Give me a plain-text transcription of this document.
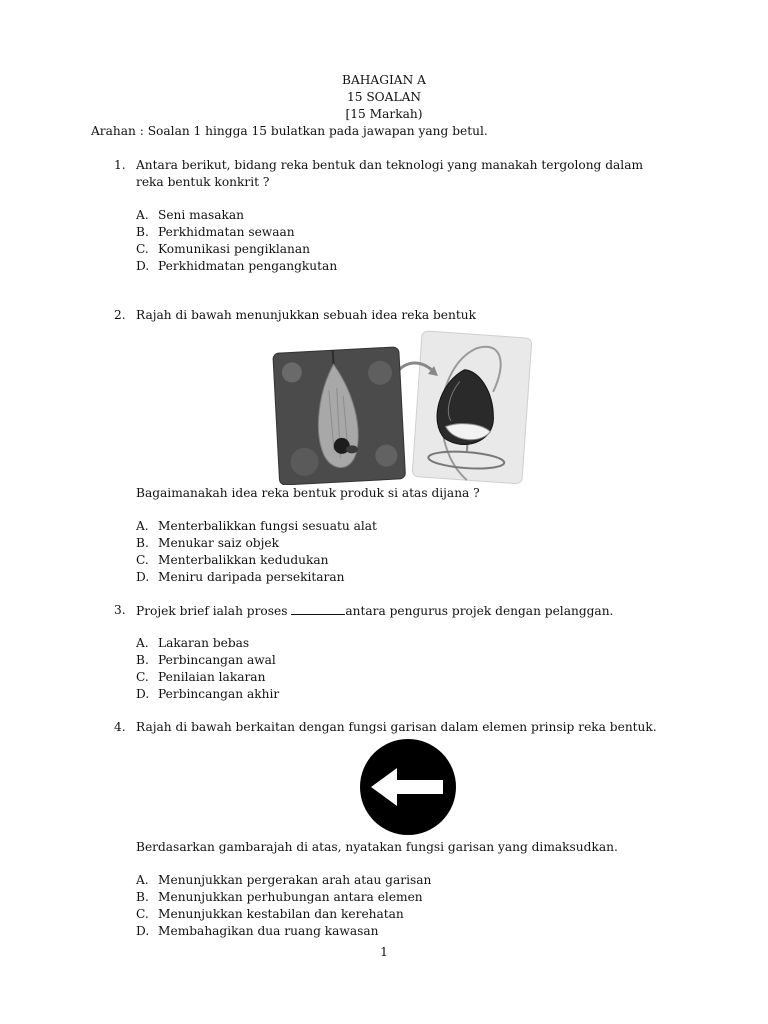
BAHAGIAN A
15 SOALAN
[15 Markah)
Arahan : Soalan 1 hingga 15 bulatkan pada jawapan yang betul.
1. Antara berikut, bidang reka bentuk dan teknologi yang manakah tergolong dalam reka bentuk konkrit ?
A. Seni masakan
B. Perkhidmatan sewaan
C. Komunikasi pengiklanan
D. Perkhidmatan pengangkutan
2. Rajah di bawah menunjukkan sebuah idea reka bentuk
Bagaimanakah idea reka bentuk produk si atas dijana ?
A. Menterbalikkan fungsi sesuatu alat
B. Menukar saiz objek
C. Menterbalikkan kedudukan
D. Meniru daripada persekitaran
3. Projek brief ialah proses	antara pengurus projek dengan pelanggan.
A. Lakaran bebas
B. Perbincangan awal
C. Penilaian lakaran
D. Perbincangan akhir
4. Rajah di bawah berkaitan dengan fungsi garisan dalam elemen prinsip reka bentuk.
Berdasarkan gambarajah di atas, nyatakan fungsi garisan yang dimaksudkan.
A. Menunjukkan pergerakan arah atau garisan
B. Menunjukkan perhubungan antara elemen
C. Menunjukkan kestabilan dan kerehatan
D. Membahagikan dua ruang kawasan
1
